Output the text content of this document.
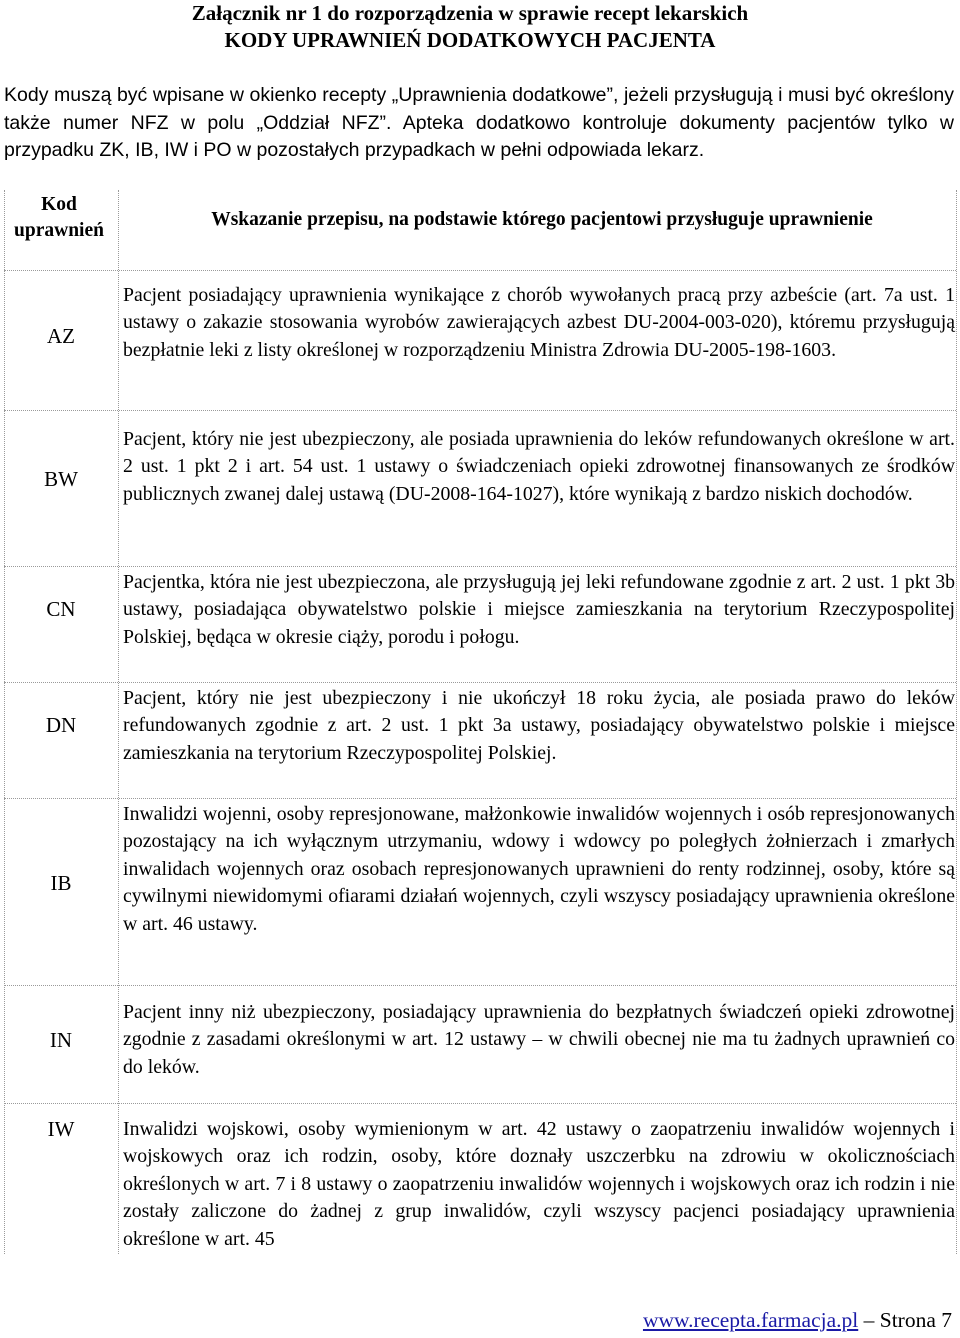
Załącznik nr 1 do rozporządzenia w sprawie recept lekarskich
KODY UPRAWNIEŃ DODATKOWYCH PACJENTA
Kody muszą być wpisane w okienko recepty „Uprawnienia dodatkowe”, jeżeli przysługują i musi być określony także numer NFZ w polu „Oddział NFZ”. Apteka dodatkowo kontroluje dokumenty pacjentów tylko w przypadku ZK, IB, IW i PO w pozostałych przypadkach w pełni odpowiada lekarz.
Kod
uprawnień
Wskazanie przepisu, na podstawie którego pacjentowi przysługuje uprawnienie
AZ
Pacjent posiadający uprawnienia wynikające z chorób wywołanych pracą przy azbeście (art. 7a ust. 1 ustawy o zakazie stosowania wyrobów zawierających azbest DU-2004-003-020), któremu przysługują bezpłatnie leki z listy określonej w rozporządzeniu Ministra Zdrowia DU-2005-198-1603.
BW
Pacjent, który nie jest ubezpieczony, ale posiada uprawnienia do leków refundowanych określone w art. 2 ust. 1 pkt 2 i art. 54 ust. 1 ustawy o świadczeniach opieki zdrowotnej finansowanych ze środków publicznych zwanej dalej ustawą (DU-2008-164-1027), które wynikają z bardzo niskich dochodów.
CN
Pacjentka, która nie jest ubezpieczona, ale przysługują jej leki refundowane zgodnie z art. 2 ust. 1 pkt 3b ustawy, posiadająca obywatelstwo polskie i miejsce zamieszkania na terytorium Rzeczypospolitej Polskiej, będąca w okresie ciąży, porodu i połogu.
DN
Pacjent, który nie jest ubezpieczony i nie ukończył 18 roku życia, ale posiada prawo do leków refundowanych zgodnie z art. 2 ust. 1 pkt 3a ustawy, posiadający obywatelstwo polskie i miejsce zamieszkania na terytorium Rzeczypospolitej Polskiej.
IB
Inwalidzi wojenni, osoby represjonowane, małżonkowie inwalidów wojennych i osób represjonowanych pozostający na ich wyłącznym utrzymaniu, wdowy i wdowcy po poległych żołnierzach i zmarłych inwalidach wojennych oraz osobach represjonowanych uprawnieni do renty rodzinnej, osoby, które są cywilnymi niewidomymi ofiarami działań wojennych, czyli wszyscy posiadający uprawnienia określone w art. 46 ustawy.
IN
Pacjent inny niż ubezpieczony, posiadający uprawnienia do bezpłatnych świadczeń opieki zdrowotnej zgodnie z zasadami określonymi w art. 12 ustawy – w chwili obecnej nie ma tu żadnych uprawnień co do leków.
IW	Inwalidzi wojskowi, osoby wymienionym w art. 42 ustawy o zaopatrzeniu inwalidów wojennych i wojskowych oraz ich rodzin, osoby, które doznały uszczerbku na zdrowiu w okolicznościach określonych w art. 7 i 8 ustawy o zaopatrzeniu inwalidów wojennych i wojskowych oraz ich rodzin i nie zostały zaliczone do żadnej z grup inwalidów, czyli wszyscy pacjenci posiadający uprawnienia określone w art. 45
www.recepta.farmacja.pl – Strona 7
